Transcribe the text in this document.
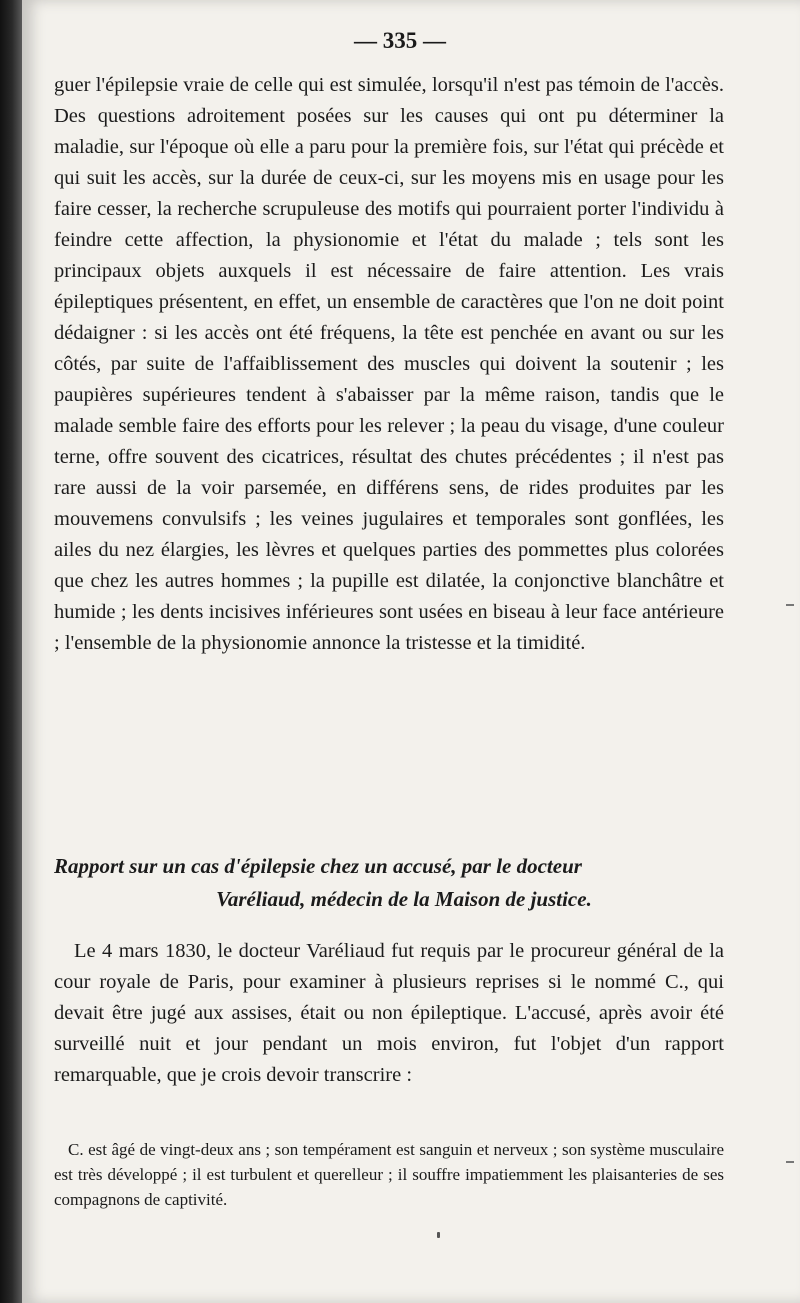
— 335 —

guer l'épilepsie vraie de celle qui est simulée, lorsqu'il n'est pas témoin de l'accès. Des questions adroitement posées sur les causes qui ont pu déterminer la maladie, sur l'époque où elle a paru pour la première fois, sur l'état qui précède et qui suit les accès, sur la durée de ceux-ci, sur les moyens mis en usage pour les faire cesser, la recherche scrupuleuse des motifs qui pourraient porter l'individu à feindre cette affection, la physionomie et l'état du malade ; tels sont les principaux objets auxquels il est nécessaire de faire attention. Les vrais épileptiques présentent, en effet, un ensemble de caractères que l'on ne doit point dédaigner : si les accès ont été fréquens, la tête est penchée en avant ou sur les côtés, par suite de l'affaiblissement des muscles qui doivent la soutenir ; les paupières supérieures tendent à s'abaisser par la même raison, tandis que le malade semble faire des efforts pour les relever ; la peau du visage, d'une couleur terne, offre souvent des cicatrices, résultat des chutes précédentes ; il n'est pas rare aussi de la voir parsemée, en différens sens, de rides produites par les mouvemens convulsifs ; les veines jugulaires et temporales sont gonflées, les ailes du nez élargies, les lèvres et quelques parties des pommettes plus colorées que chez les autres hommes ; la pupille est dilatée, la conjonctive blanchâtre et humide ; les dents incisives inférieures sont usées en biseau à leur face antérieure ; l'ensemble de la physionomie annonce la tristesse et la timidité.

Rapport sur un cas d'épilepsie chez un accusé, par le docteur
Varéliaud, médecin de la Maison de justice.

Le 4 mars 1830, le docteur Varéliaud fut requis par le procureur général de la cour royale de Paris, pour examiner à plusieurs reprises si le nommé C., qui devait être jugé aux assises, était ou non épileptique. L'accusé, après avoir été surveillé nuit et jour pendant un mois environ, fut l'objet d'un rapport remarquable, que je crois devoir transcrire :

C. est âgé de vingt-deux ans ; son tempérament est sanguin et nerveux ; son système musculaire est très développé ; il est turbulent et querelleur ; il souffre impatiemment les plaisanteries de ses compagnons de captivité.
